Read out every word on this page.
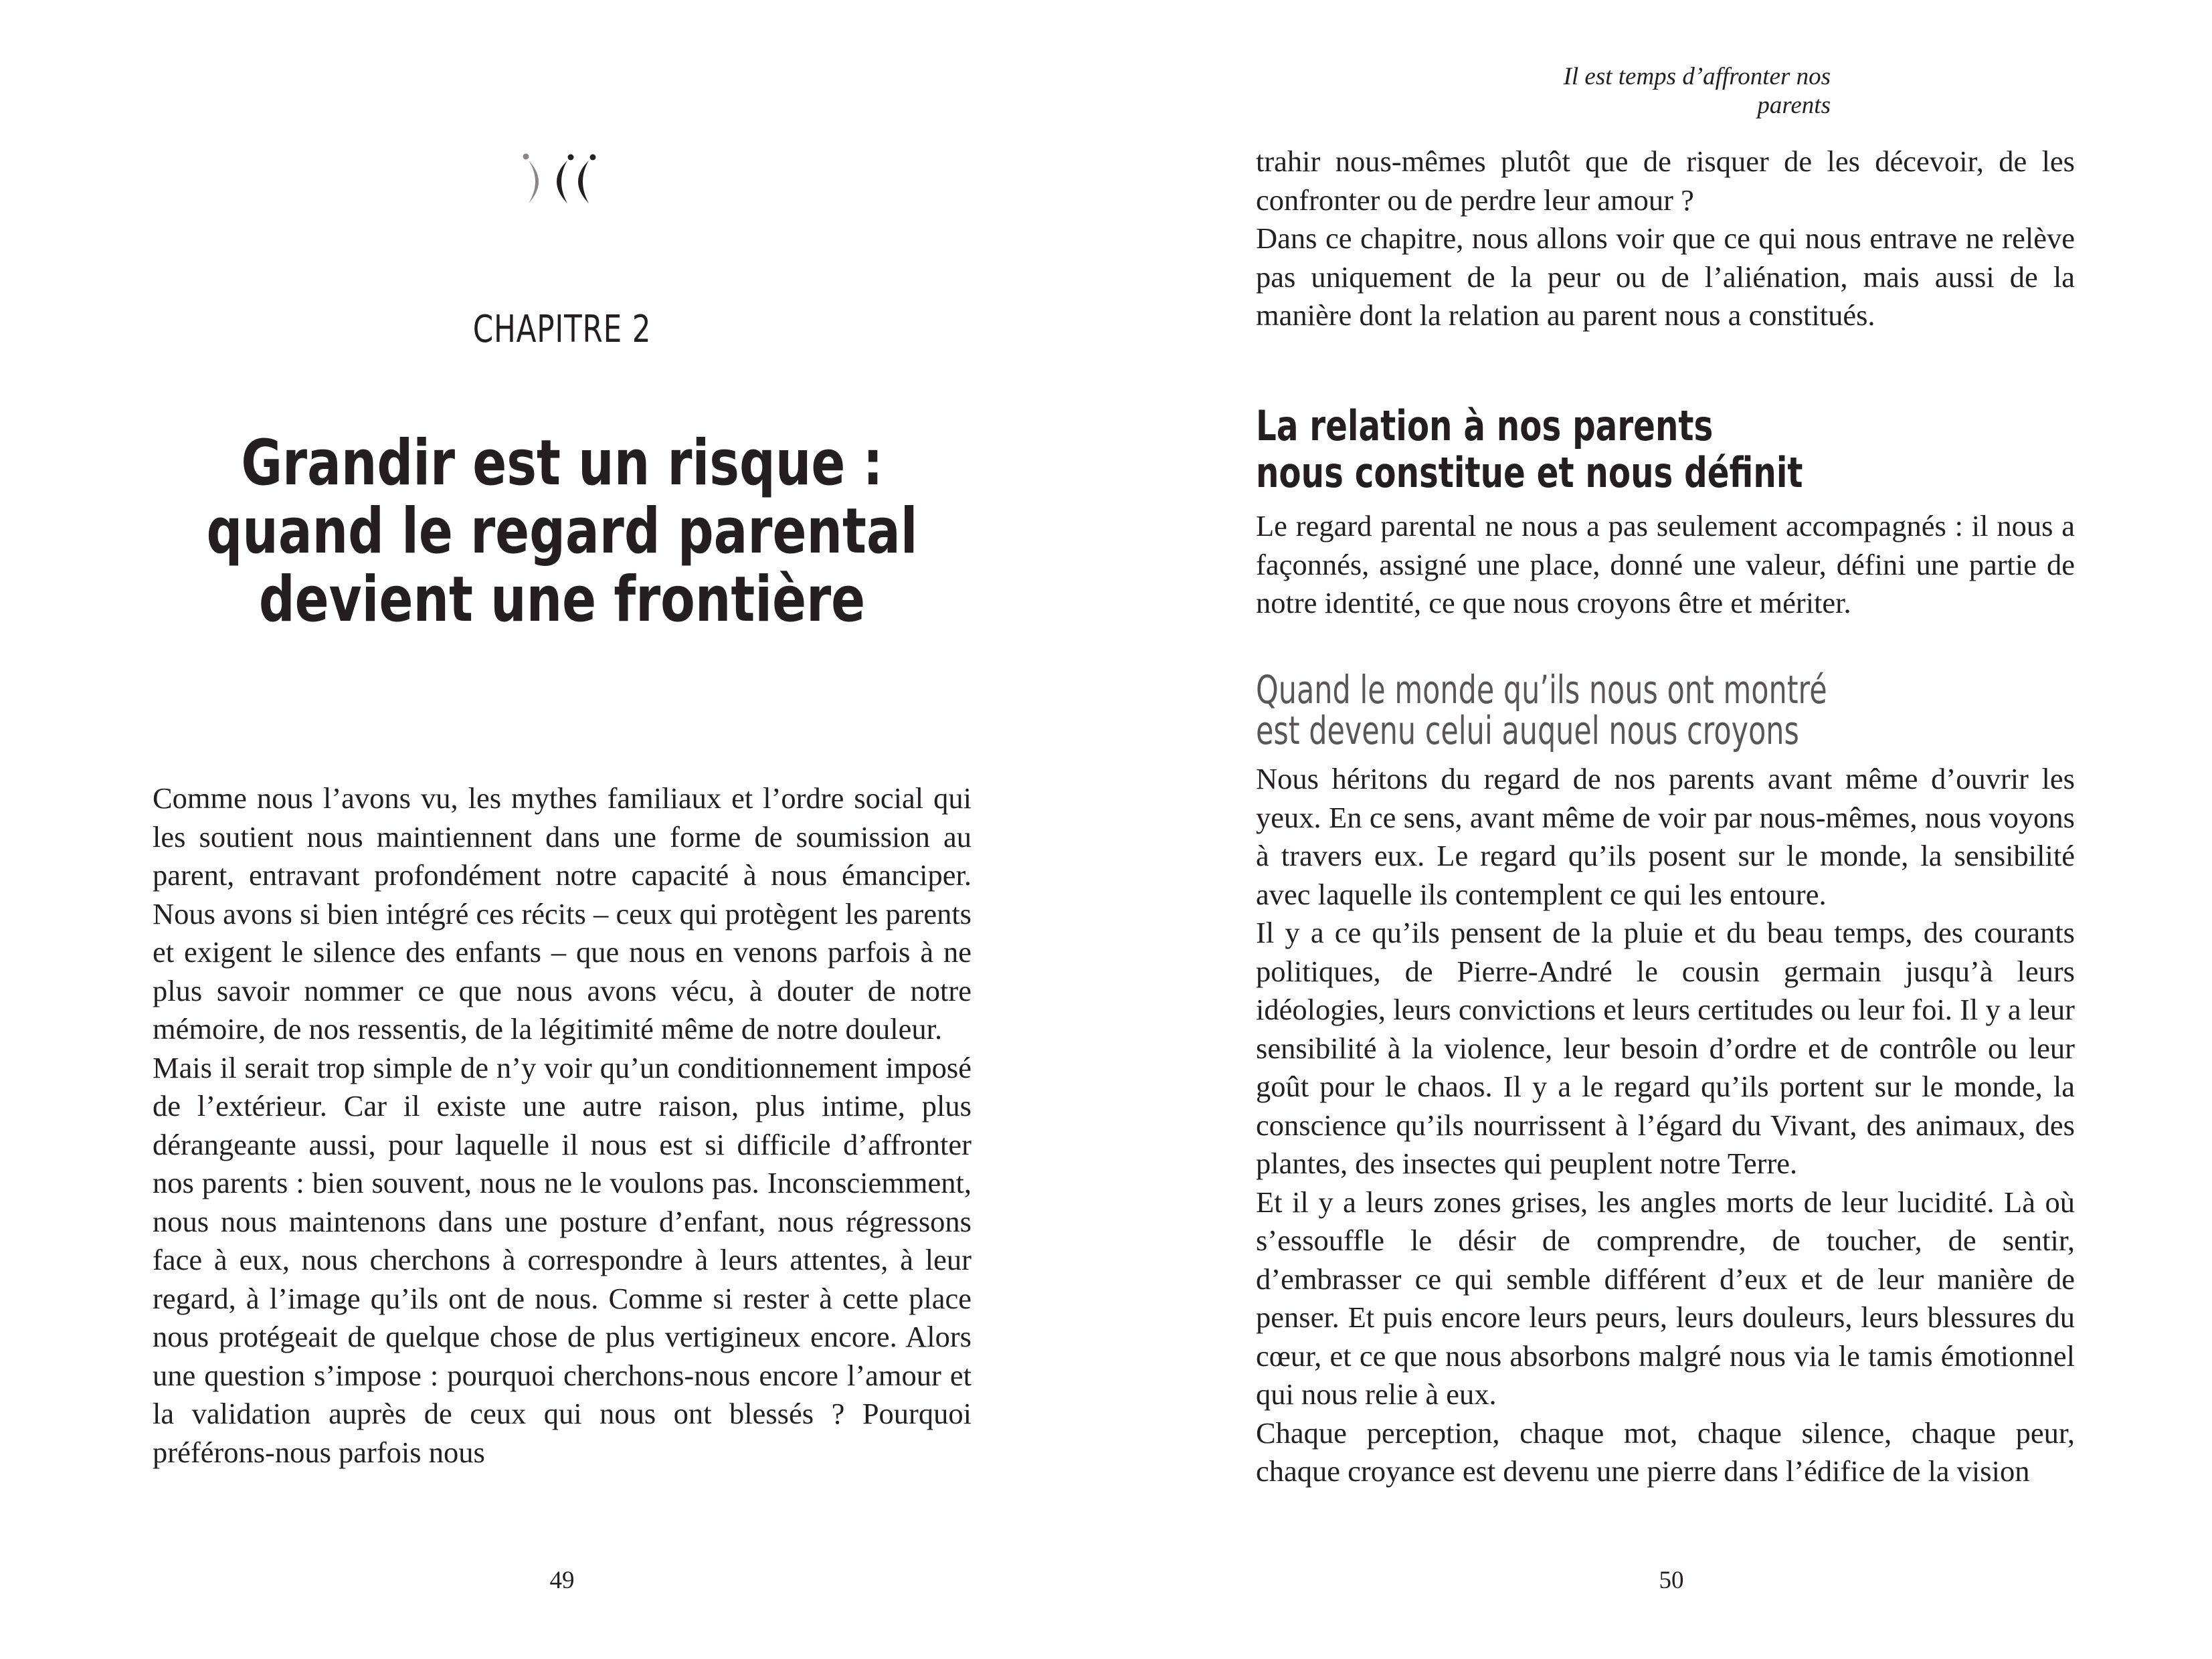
CHAPITRE 2
Grandir est un risque :
quand le regard parental
devient une frontière

Comme nous l’avons vu, les mythes familiaux et l’ordre social qui les soutient nous maintiennent dans une forme de soumission au parent, entravant profondément notre capacité à nous émanciper. Nous avons si bien intégré ces récits – ceux qui protègent les parents et exigent le silence des enfants – que nous en venons parfois à ne plus savoir nommer ce que nous avons vécu, à douter de notre mémoire, de nos ressentis, de la légitimité même de notre douleur.

Mais il serait trop simple de n’y voir qu’un conditionnement imposé de l’extérieur. Car il existe une autre raison, plus intime, plus dérangeante aussi, pour laquelle il nous est si difficile d’affronter nos parents : bien souvent, nous ne le voulons pas. Inconsciemment, nous nous maintenons dans une posture d’enfant, nous régressons face à eux, nous cherchons à correspondre à leurs attentes, à leur regard, à l’image qu’ils ont de nous. Comme si rester à cette place nous protégeait de quelque chose de plus vertigineux encore. Alors une question s’impose : pourquoi cherchons-nous encore l’amour et la validation auprès de ceux qui nous ont blessés ? Pourquoi préférons-nous parfois nous

49
Il est temps d’affronter nos parents

trahir nous-mêmes plutôt que de risquer de les décevoir, de les confronter ou de perdre leur amour ?

Dans ce chapitre, nous allons voir que ce qui nous entrave ne relève pas uniquement de la peur ou de l’aliénation, mais aussi de la manière dont la relation au parent nous a constitués.

La relation à nos parents
nous constitue et nous définit

Le regard parental ne nous a pas seulement accompagnés : il nous a façonnés, assigné une place, donné une valeur, défini une partie de notre identité, ce que nous croyons être et mériter.

Quand le monde qu’ils nous ont montré
est devenu celui auquel nous croyons

Nous héritons du regard de nos parents avant même d’ouvrir les yeux. En ce sens, avant même de voir par nous-mêmes, nous voyons à travers eux. Le regard qu’ils posent sur le monde, la sensibilité avec laquelle ils contemplent ce qui les entoure.

Il y a ce qu’ils pensent de la pluie et du beau temps, des courants politiques, de Pierre-André le cousin germain jusqu’à leurs idéologies, leurs convictions et leurs certitudes ou leur foi. Il y a leur sensibilité à la violence, leur besoin d’ordre et de contrôle ou leur goût pour le chaos. Il y a le regard qu’ils portent sur le monde, la conscience qu’ils nourrissent à l’égard du Vivant, des animaux, des plantes, des insectes qui peuplent notre Terre.

Et il y a leurs zones grises, les angles morts de leur lucidité. Là où s’essouffle le désir de comprendre, de toucher, de sentir, d’embrasser ce qui semble différent d’eux et de leur manière de penser. Et puis encore leurs peurs, leurs douleurs, leurs blessures du cœur, et ce que nous absorbons malgré nous via le tamis émotionnel qui nous relie à eux.

Chaque perception, chaque mot, chaque silence, chaque peur, chaque croyance est devenu une pierre dans l’édifice de la vision

50
